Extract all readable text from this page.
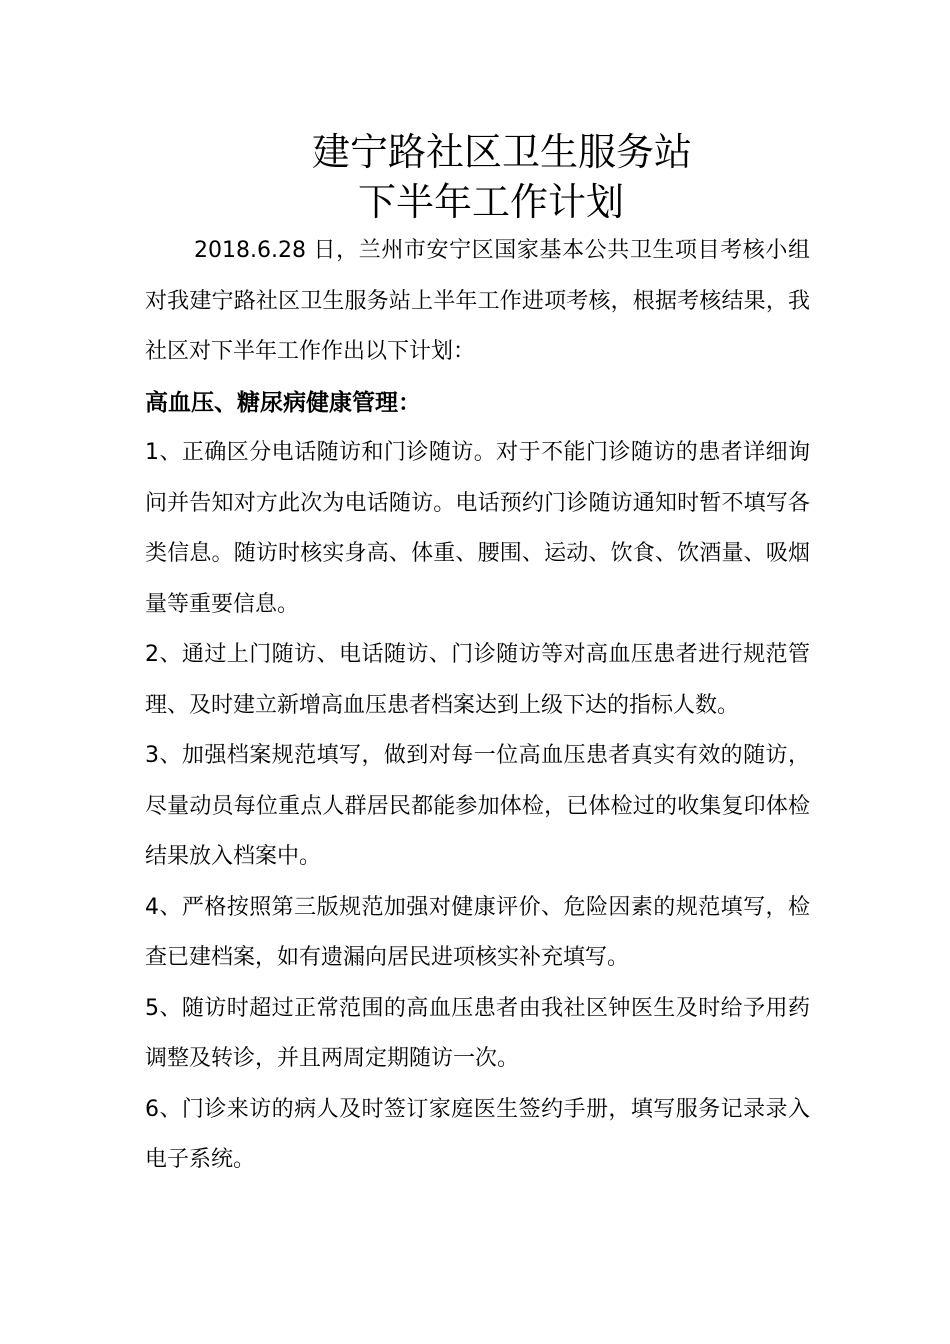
建宁路社区卫生服务站
下半年工作计划

2018.6.28 日，兰州市安宁区国家基本公共卫生项目考核小组对我建宁路社区卫生服务站上半年工作进项考核，根据考核结果，我社区对下半年工作作出以下计划：

高血压、糖尿病健康管理：

1、正确区分电话随访和门诊随访。对于不能门诊随访的患者详细询问并告知对方此次为电话随访。电话预约门诊随访通知时暂不填写各类信息。随访时核实身高、体重、腰围、运动、饮食、饮酒量、吸烟量等重要信息。

2、通过上门随访、电话随访、门诊随访等对高血压患者进行规范管理、及时建立新增高血压患者档案达到上级下达的指标人数。

3、加强档案规范填写，做到对每一位高血压患者真实有效的随访，尽量动员每位重点人群居民都能参加体检，已体检过的收集复印体检结果放入档案中。

4、严格按照第三版规范加强对健康评价、危险因素的规范填写，检查已建档案，如有遗漏向居民进项核实补充填写。

5、随访时超过正常范围的高血压患者由我社区钟医生及时给予用药调整及转诊，并且两周定期随访一次。

6、门诊来访的病人及时签订家庭医生签约手册，填写服务记录录入电子系统。
